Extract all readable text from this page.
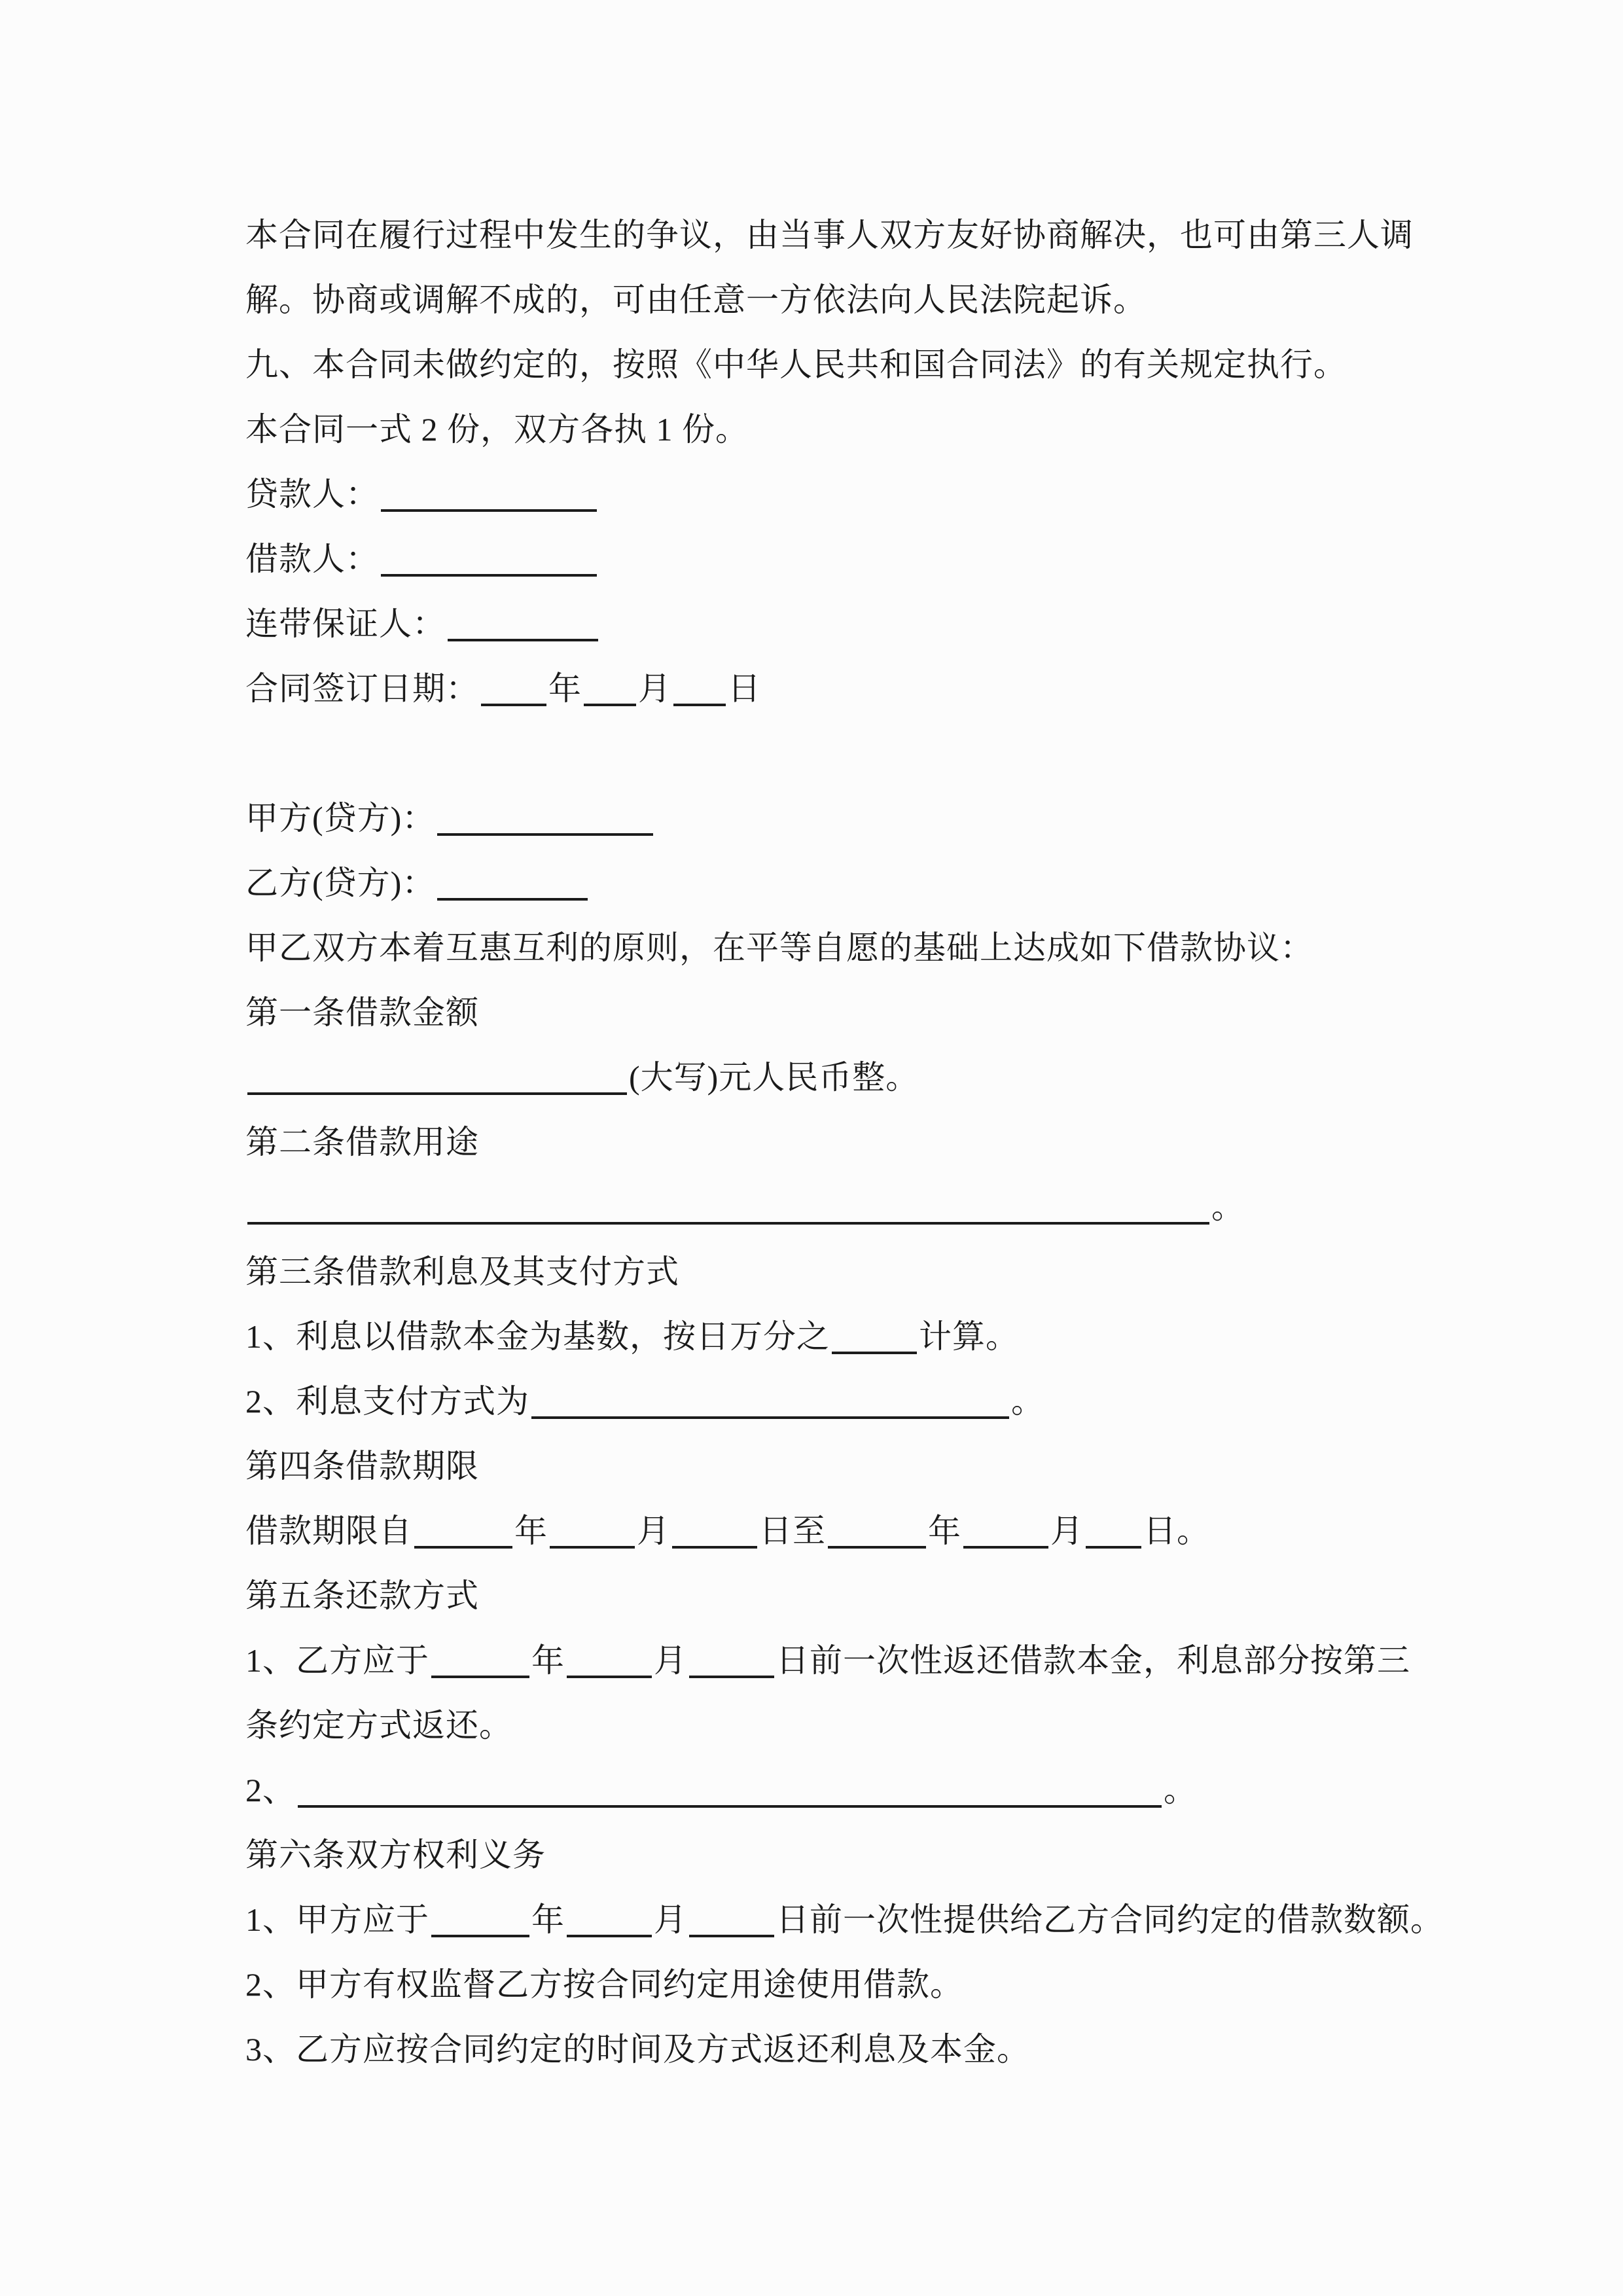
本合同在履行过程中发生的争议，由当事人双方友好协商解决，也可由第三人调
解。协商或调解不成的，可由任意一方依法向人民法院起诉。
九、本合同未做约定的，按照《中华人民共和国合同法》的有关规定执行。
本合同一式 2 份，双方各执 1 份。
贷款人：
借款人：
连带保证人：
合同签订日期： 年 月 日
甲方(贷方)：
乙方(贷方)：
甲乙双方本着互惠互利的原则，在平等自愿的基础上达成如下借款协议：
第一条借款金额
(大写)元人民币整。
第二条借款用途
。
第三条借款利息及其支付方式
1、利息以借款本金为基数，按日万分之	计算。
2、利息支付方式为	。
第四条借款期限
借款期限自	年	月	日至	年	月 日。
第五条还款方式
1、乙方应于	年	月	日前一次性返还借款本金，利息部分按第三
条约定方式返还。
2、	。
第六条双方权利义务
1、甲方应于	年	月	日前一次性提供给乙方合同约定的借款数额。
2、甲方有权监督乙方按合同约定用途使用借款。
3、乙方应按合同约定的时间及方式返还利息及本金。
